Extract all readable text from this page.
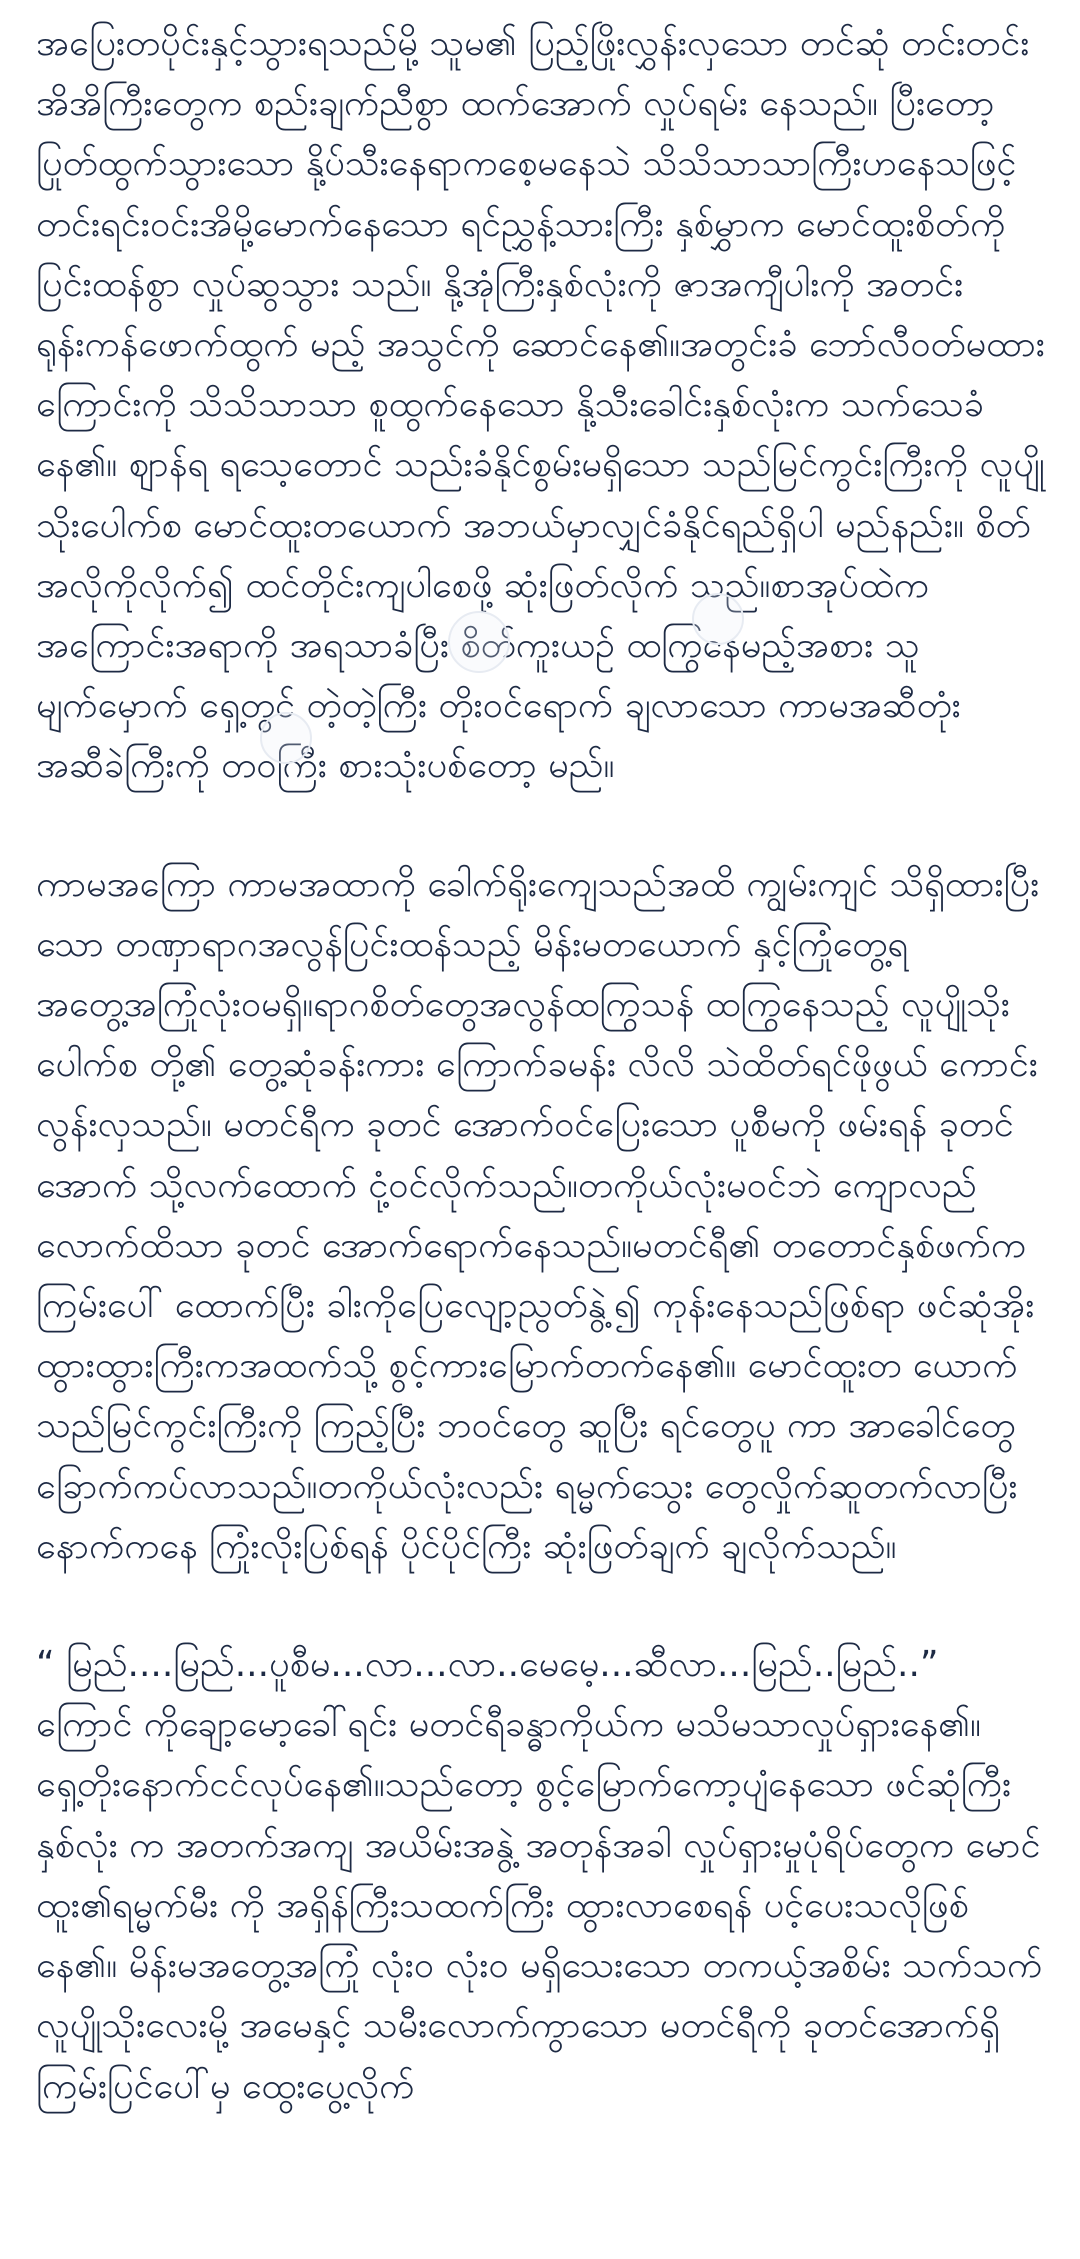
အပြေးတပိုင်းနှင့်သွားရသည်မို့ သူမ၏ ပြည့်ဖြိုးလွှန်းလှသော တင်ဆုံ တင်းတင်းအိအိကြီးတွေက စည်းချက်ညီစွာ ထက်အောက် လှုပ်ရမ်း နေသည်။ ပြီးတော့ ပြုတ်ထွက်သွားသော နို့ပ်သီးနေရာကစေ့မနေသဲ သိသိသာသာကြီးဟနေသဖြင့် တင်းရင်းဝင်းအိမို့မောက်နေသော ရင်ညွှန့်သားကြီး နှစ်မွှာက မောင်ထူးစိတ်ကို ပြင်းထန်စွာ လှုပ်ဆွသွား သည်။ နို့အုံကြီးနှစ်လုံးကို ဇာအကျီပါးကို အတင်းရုန်းကန်ဖောက်ထွက် မည့် အသွင်ကို ဆောင်နေ၏။အတွင်းခံ ဘော်လီဝတ်မထားကြောင်းကို သိသိသာသာ စူထွက်နေသော နို့သီးခေါင်းနှစ်လုံးက သက်သေခံနေ၏။ ဈာန်ရ ရသေ့တောင် သည်းခံနိုင်စွမ်းမရှိသော သည်မြင်ကွင်းကြီးကို လူပျိုသိုးပေါက်စ မောင်ထူးတယောက် အဘယ်မှာလျှင်ခံနိုင်ရည်ရှိပါ မည်နည်း။ စိတ်အလိုကိုလိုက်၍ ထင်တိုင်းကျပါစေဖို့ ဆုံးဖြတ်လိုက် သည်။စာအုပ်ထဲက အကြောင်းအရာကို အရသာခံပြီး စိတ်ကူးယဉ် ထကြွနေမည့်အစား သူမျက်မှောက် ရှေ့တွင် တဲ့တဲ့ကြီး တိုးဝင်ရောက် ချလာသော ကာမအဆီတုံးအဆီခဲကြီးကို တဝကြီး စားသုံးပစ်တော့ မည်။

ကာမအကြော ကာမအထာကို ခေါက်ရိုးကျေသည်အထိ ကျွမ်းကျင် သိရှိထားပြီးသော တဏှာရာဂအလွန်ပြင်းထန်သည့် မိန်းမတယောက် နှင့်ကြုံတွေ့ရ အတွေ့အကြုံလုံးဝမရှိ။ရာဂစိတ်တွေအလွန်ထကြွသန် ထကြွနေသည့် လူပျိုသိုးပေါက်စ တို့၏ တွေ့ဆုံခန်းကား ကြောက်ခမန်း လိလိ သဲထိတ်ရင်ဖိုဖွယ် ကောင်းလွန်းလှသည်။ မတင်ရီက ခုတင် အောက်ဝင်ပြေးသော ပူစီမကို ဖမ်းရန် ခုတင်အောက် သို့လက်ထောက် ငုံ့ဝင်လိုက်သည်။တကိုယ်လုံးမဝင်ဘဲ ကျောလည်လောက်ထိသာ ခုတင် အောက်ရောက်နေသည်။မတင်ရီ၏ တတောင်နှစ်ဖက်က ကြမ်းပေါ် ထောက်ပြီး ခါးကိုပြေလျော့ညွတ်နွဲ့၍ ကုန်းနေသည်ဖြစ်ရာ ဖင်ဆုံအိုး ထွားထွားကြီးကအထက်သို့ စွင့်ကားမြောက်တက်နေ၏။ မောင်ထူးတ ယောက် သည်မြင်ကွင်းကြီးကို ကြည့်ပြီး ဘဝင်တွေ ဆူပြီး ရင်တွေပူ ကာ အာခေါင်တွေခြောက်ကပ်လာသည်။တကိုယ်လုံးလည်း ရမ္မက်သွေး တွေလှိုက်ဆူတက်လာပြီး နောက်ကနေ ကြုံးလိုးပြစ်ရန် ပိုင်ပိုင်ကြီး ဆုံးဖြတ်ချက် ချလိုက်သည်။

“ မြည်....မြည်...ပူစီမ...လာ...လာ..မေမေ့...ဆီလာ...မြည်..မြည်..” ကြောင် ကိုချော့မော့ခေါ်ရင်း မတင်ရီခန္ဓာကိုယ်က မသိမသာလှုပ်ရှားနေ၏။ ရှေ့တိုးနောက်ငင်လုပ်နေ၏။သည်တော့ စွင့်မြောက်ကော့ပျံနေသော ဖင်ဆုံကြီးနှစ်လုံး က အတက်အကျ အယိမ်းအနွဲ့ အတုန်အခါ လှုပ်ရှားမှုပုံရိပ်တွေက မောင်ထူး၏ရမ္မက်မီး ကို အရှိန်ကြီးသထက်ကြီး ထွားလာစေရန် ပင့်ပေးသလိုဖြစ်နေ၏။ မိန်းမအတွေ့အကြုံ လုံးဝ လုံးဝ မရှိသေးသော တကယ့်အစိမ်း သက်သက် လူပျိုသိုးလေးမို့ အမေနှင့် သမီးလောက်ကွာသော မတင်ရီကို ခုတင်အောက်ရှိ ကြမ်းပြင်ပေါ်မှ ထွေးပွေ့လိုက်
